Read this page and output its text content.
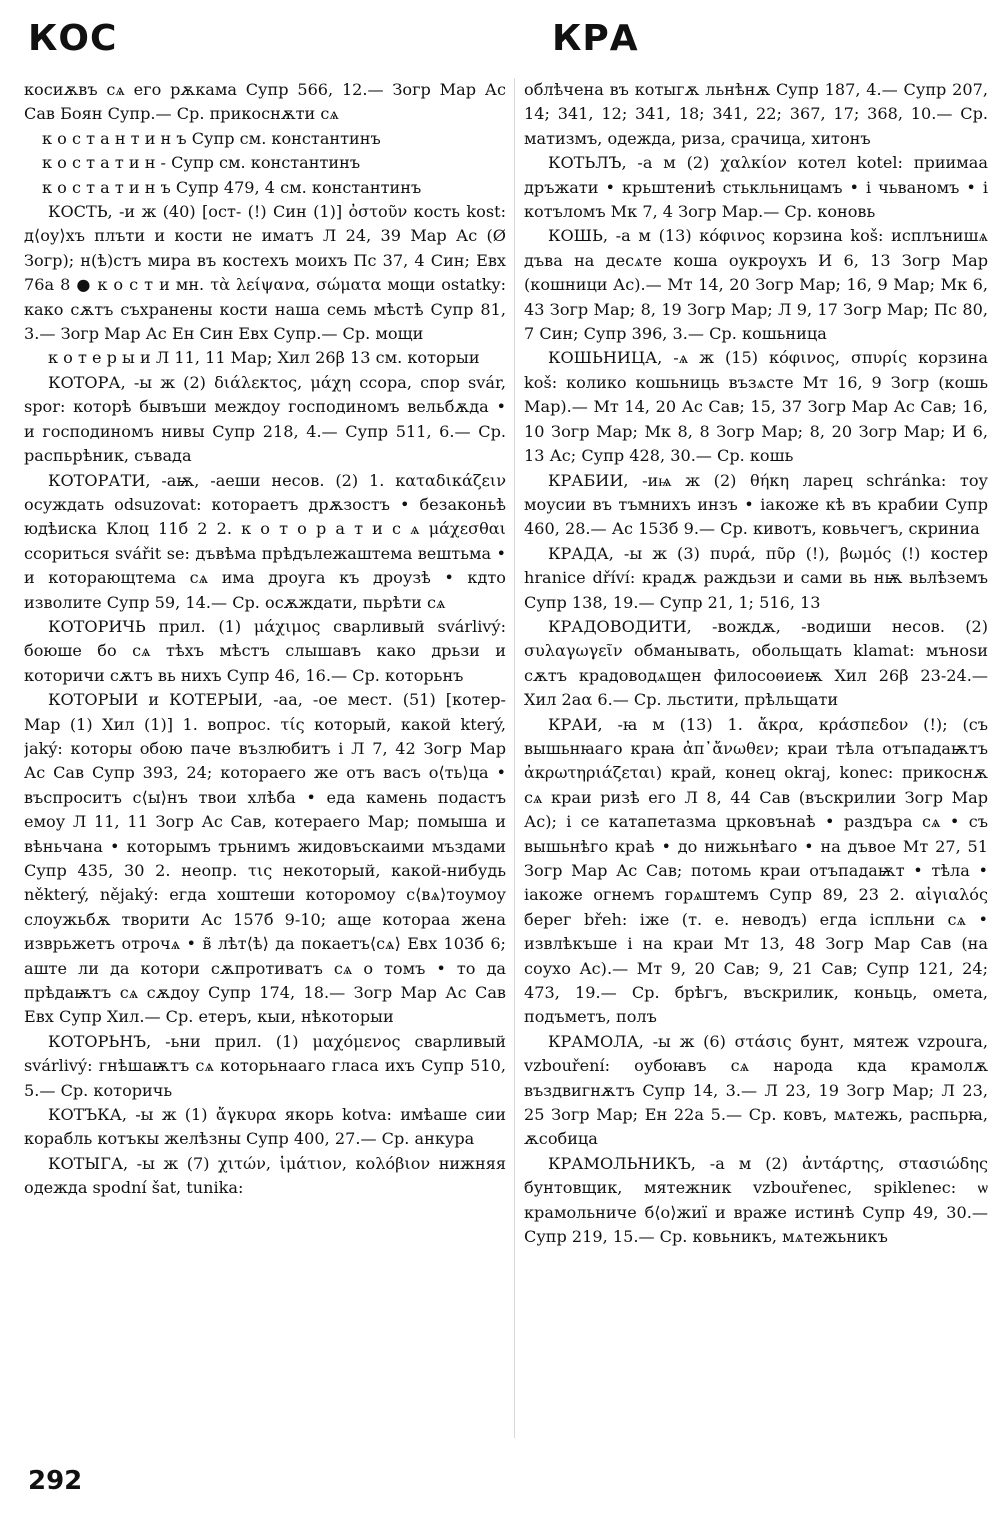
КОС	КРА

косиѫвъ сѧ его рѫкама Супр 566, 12.— Зогр Мар Ас Сав Боян Супр.— Ср. прикоснѫти сѧ

к о с т а н т и н ъ Супр см. константинъ

к о с т а т и н - Супр см. константинъ

к о с т а т и н ъ Супр 479, 4 см. константинъ

КОСТЬ, -и ж (40) [ост- (!) Син (1)] ὀστοῦν кость kost: д⟨оу⟩хъ плъти и кости не иматъ Л 24, 39 Мар Ас (Ø Зогр); н(ѣ)стъ мира въ костехъ моихъ Пс 37, 4 Син; Евх 76а 8 ● к о с т и мн. τὰ λείψανα, σώματα мощи ostatky: како сѫтъ съхранены кости наша семь мѣстѣ Супр 81, 3.— Зогр Мар Ас Ен Син Евх Супр.— Ср. мощи

к о т е р ы и Л 11, 11 Мар; Хил 26β 13 см. которыи

КОТОРА, -ы ж (2) διάλεκτος, μάχη ссора, спор svár, spor: которѣ бывъши междоу господиномъ вельбѫда • и господиномъ нивы Супр 218, 4.— Супр 511, 6.— Ср. распьрѣник, съвада

КОТОРАТИ, -аѭ, -аеши несов. (2) 1. καταδικάζειν осуждать odsuzovat: котораетъ дрѫзостъ • безаконьѣ юдѣиска Клоц 11б 2 2. к о т о р а т и с ѧ μάχεσθαι ссориться svářit se: дъвѣма прѣдълежаштема вештьма • и которающтема сѧ има дроуга къ дроузѣ • кдто изволите Супр 59, 14.— Ср. осѫждати, пьрѣти сѧ

КОТОРИЧЬ прил. (1) μάχιμος сварливый svárlivý: боюше бо сѧ тѣхъ мѣстъ слышавъ како дрьзи и которичи сѫтъ вь нихъ Супр 46, 16.— Ср. которьнъ

КОТОРЫИ и КОТЕРЫИ, -аа, -ое мест. (51) [котер- Мар (1) Хил (1)] 1. вопрос. τίς который, какой který, jaký: которы обою паче възлюбитъ і Л 7, 42 Зогр Мар Ас Сав Супр 393, 24; котораего же отъ васъ о⟨ть⟩ца • въспроситъ с⟨ы⟩нъ твои хлѣба • еда камень подастъ емоу Л 11, 11 Зогр Ас Сав, котераего Мар; помыша и вѣньчана • которымъ трьнимъ жидовъскаими мъздами Супр 435, 30 2. неопр. τις некоторый, какой-нибудь některý, nějaký: егда хоштеши которомоу с⟨вѧ⟩тоумоу слоужьбѫ творити Ас 157б 9-10; аще котораа жена изврьжетъ отрочѧ • в̃ лѣт⟨ѣ⟩ да покаетъ⟨сѧ⟩ Евх 103б 6; аште ли да котори сѫпротиватъ сѧ о томъ • то да прѣдаѭтъ сѧ сѫдоу Супр 174, 18.— Зогр Мар Ас Сав Евх Супр Хил.— Ср. етеръ, кыи, нѣкоторыи

КОТОРЬНЪ, -ьни прил. (1) μαχόμενος сварливый svárlivý: гнѣшаѭтъ сѧ которьнааго гласа ихъ Супр 510, 5.— Ср. которичь

КОТЪКА, -ы ж (1) ἄγκυρα якорь kotva: имѣаше сии корабль котъкы желѣзны Супр 400, 27.— Ср. анкура

КОТЫГА, -ы ж (7) χιτών, ἱμάτιον, κολόβιον нижняя одежда spodní šat, tunika:

облѣчена въ котыгѫ льнѣнѫ Супр 187, 4.— Супр 207, 14; 341, 12; 341, 18; 341, 22; 367, 17; 368, 10.— Ср. матизмъ, одежда, риза, срачица, хитонъ

КОТЬЛЪ, -а м (2) χαλκίον котел kotel: приимаа дръжати • крьштениѣ стькльницамъ • і чьваномъ • і котъломъ Мк 7, 4 Зогр Мар.— Ср. коновь

КОШЬ, -а м (13) κόφινος корзина koš: исплънишѧ дъва на десѧте коша оукроухъ И 6, 13 Зогр Мар (кошници Ас).— Мт 14, 20 Зогр Мар; 16, 9 Мар; Мк 6, 43 Зогр Мар; 8, 19 Зогр Мар; Л 9, 17 Зогр Мар; Пс 80, 7 Син; Супр 396, 3.— Ср. кошьница

КОШЬНИЦА, -ѧ ж (15) κόφινος, σπυρίς корзина koš: колико кошьниць възѧсте Мт 16, 9 Зогр (кошь Мар).— Мт 14, 20 Ас Сав; 15, 37 Зогр Мар Ас Сав; 16, 10 Зогр Мар; Мк 8, 8 Зогр Мар; 8, 20 Зогр Мар; И 6, 13 Ас; Супр 428, 30.— Ср. кошь

КРАБИИ, -иѩ ж (2) θήκη ларец schránka: тоу моусии въ тъмнихъ инзъ • іакоже кѣ въ крабии Супр 460, 28.— Ас 153б 9.— Ср. кивотъ, ковьчегъ, скриниа

КРАДА, -ы ж (3) πυρά, πῦρ (!), βωμός (!) костер hranice dříví: крадѫ раждьзи и сами вь нѭ вьлѣземъ Супр 138, 19.— Супр 21, 1; 516, 13

КРАДОВОДИТИ, -вождѫ, -водиши несов. (2) συλαγωγεῖν обманывать, обольщать klamat: мъноѕи сѫтъ крадоводѧщен филосоѳиеѭ Хил 26β 23-24.— Хил 2аα 6.— Ср. льстити, прѣльщати

КРАИ, -ꙗ м (13) 1. ἄκρα, κράσπεδον (!); (съ вышьнꙗаго краꙗ ἀπ᾽ἄνωθεν; краи тѣла отъпадаѭтъ ἀκρωτηριάζεται) край, конец okraj, konec: прикоснѫ сѧ краи ризѣ его Л 8, 44 Сав (въскрилии Зогр Мар Ас); і се катапетазма црковънаѣ • раздъра сѧ • съ вышьнѣго краѣ • до нижьнѣаго • на дъвое Мт 27, 51 Зогр Мар Ас Сав; потомь краи отъпадаѭт • тѣла • іакоже огнемъ горѧштемъ Супр 89, 23 2. αἰγιαλός берег břeh: іже (т. е. неводъ) егда іспльни сѧ • извлѣкъше і на краи Мт 13, 48 Зогр Мар Сав (на соухо Ас).— Мт 9, 20 Сав; 9, 21 Сав; Супр 121, 24; 473, 19.— Ср. брѣгъ, въскрилик, коньць, омета, подъметъ, полъ

КРАМОЛА, -ы ж (6) στάσις бунт, мятеж vzpoura, vzbouření: оубоꙗвъ сѧ народа кда крамолѫ въздвигнѫтъ Супр 14, 3.— Л 23, 19 Зогр Мар; Л 23, 25 Зогр Мар; Ен 22а 5.— Ср. ковъ, мѧтежь, распьрꙗ, ѫсобица

КРАМОЛЬНИКЪ, -а м (2) ἀντάρτης, στασιώδης бунтовщик, мятежник vzbouřenec, spiklenec: ѡ крамольниче б⟨о⟩жиї и враже истинѣ Супр 49, 30.— Супр 219, 15.— Ср. ковьникъ, мѧтежьникъ

292
